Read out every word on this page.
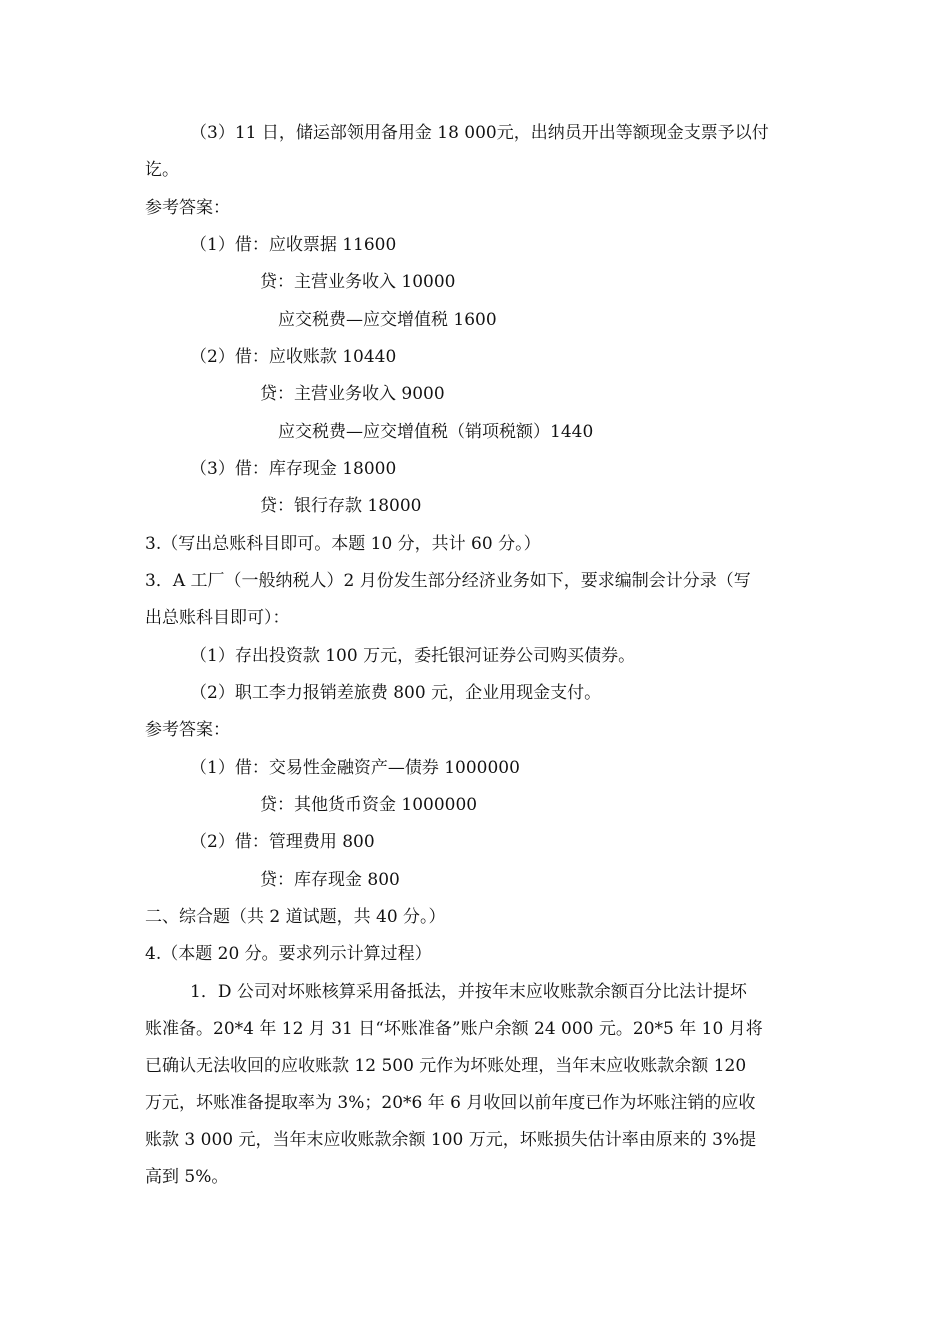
（3）11 日，储运部领用备用金 18 000元，出纳员开出等额现金支票予以付
讫。
参考答案：
（1）借：应收票据 11600
贷：主营业务收入 10000
应交税费—应交增值税 1600
（2）借：应收账款 10440
贷：主营业务收入 9000
应交税费—应交增值税（销项税额）1440
（3）借：库存现金 18000
贷：银行存款 18000
3.（写出总账科目即可。本题 10 分，共计 60 分。）
3．A 工厂（一般纳税人）2 月份发生部分经济业务如下，要求编制会计分录（写
出总账科目即可）：
（1）存出投资款 100 万元，委托银河证券公司购买债券。
（2）职工李力报销差旅费 800 元，企业用现金支付。
参考答案：
（1）借：交易性金融资产—债券 1000000
贷：其他货币资金 1000000
（2）借：管理费用 800
贷：库存现金 800
二、综合题（共 2 道试题，共 40 分。）
4.（本题 20 分。要求列示计算过程）
1．D 公司对坏账核算采用备抵法，并按年末应收账款余额百分比法计提坏
账准备。20*4 年 12 月 31 日“坏账准备”账户余额 24 000 元。20*5 年 10 月将
已确认无法收回的应收账款 12 500 元作为坏账处理，当年末应收账款余额 120
万元，坏账准备提取率为 3%；20*6 年 6 月收回以前年度已作为坏账注销的应收
账款 3 000 元，当年末应收账款余额 100 万元，坏账损失估计率由原来的 3%提
高到 5%。
